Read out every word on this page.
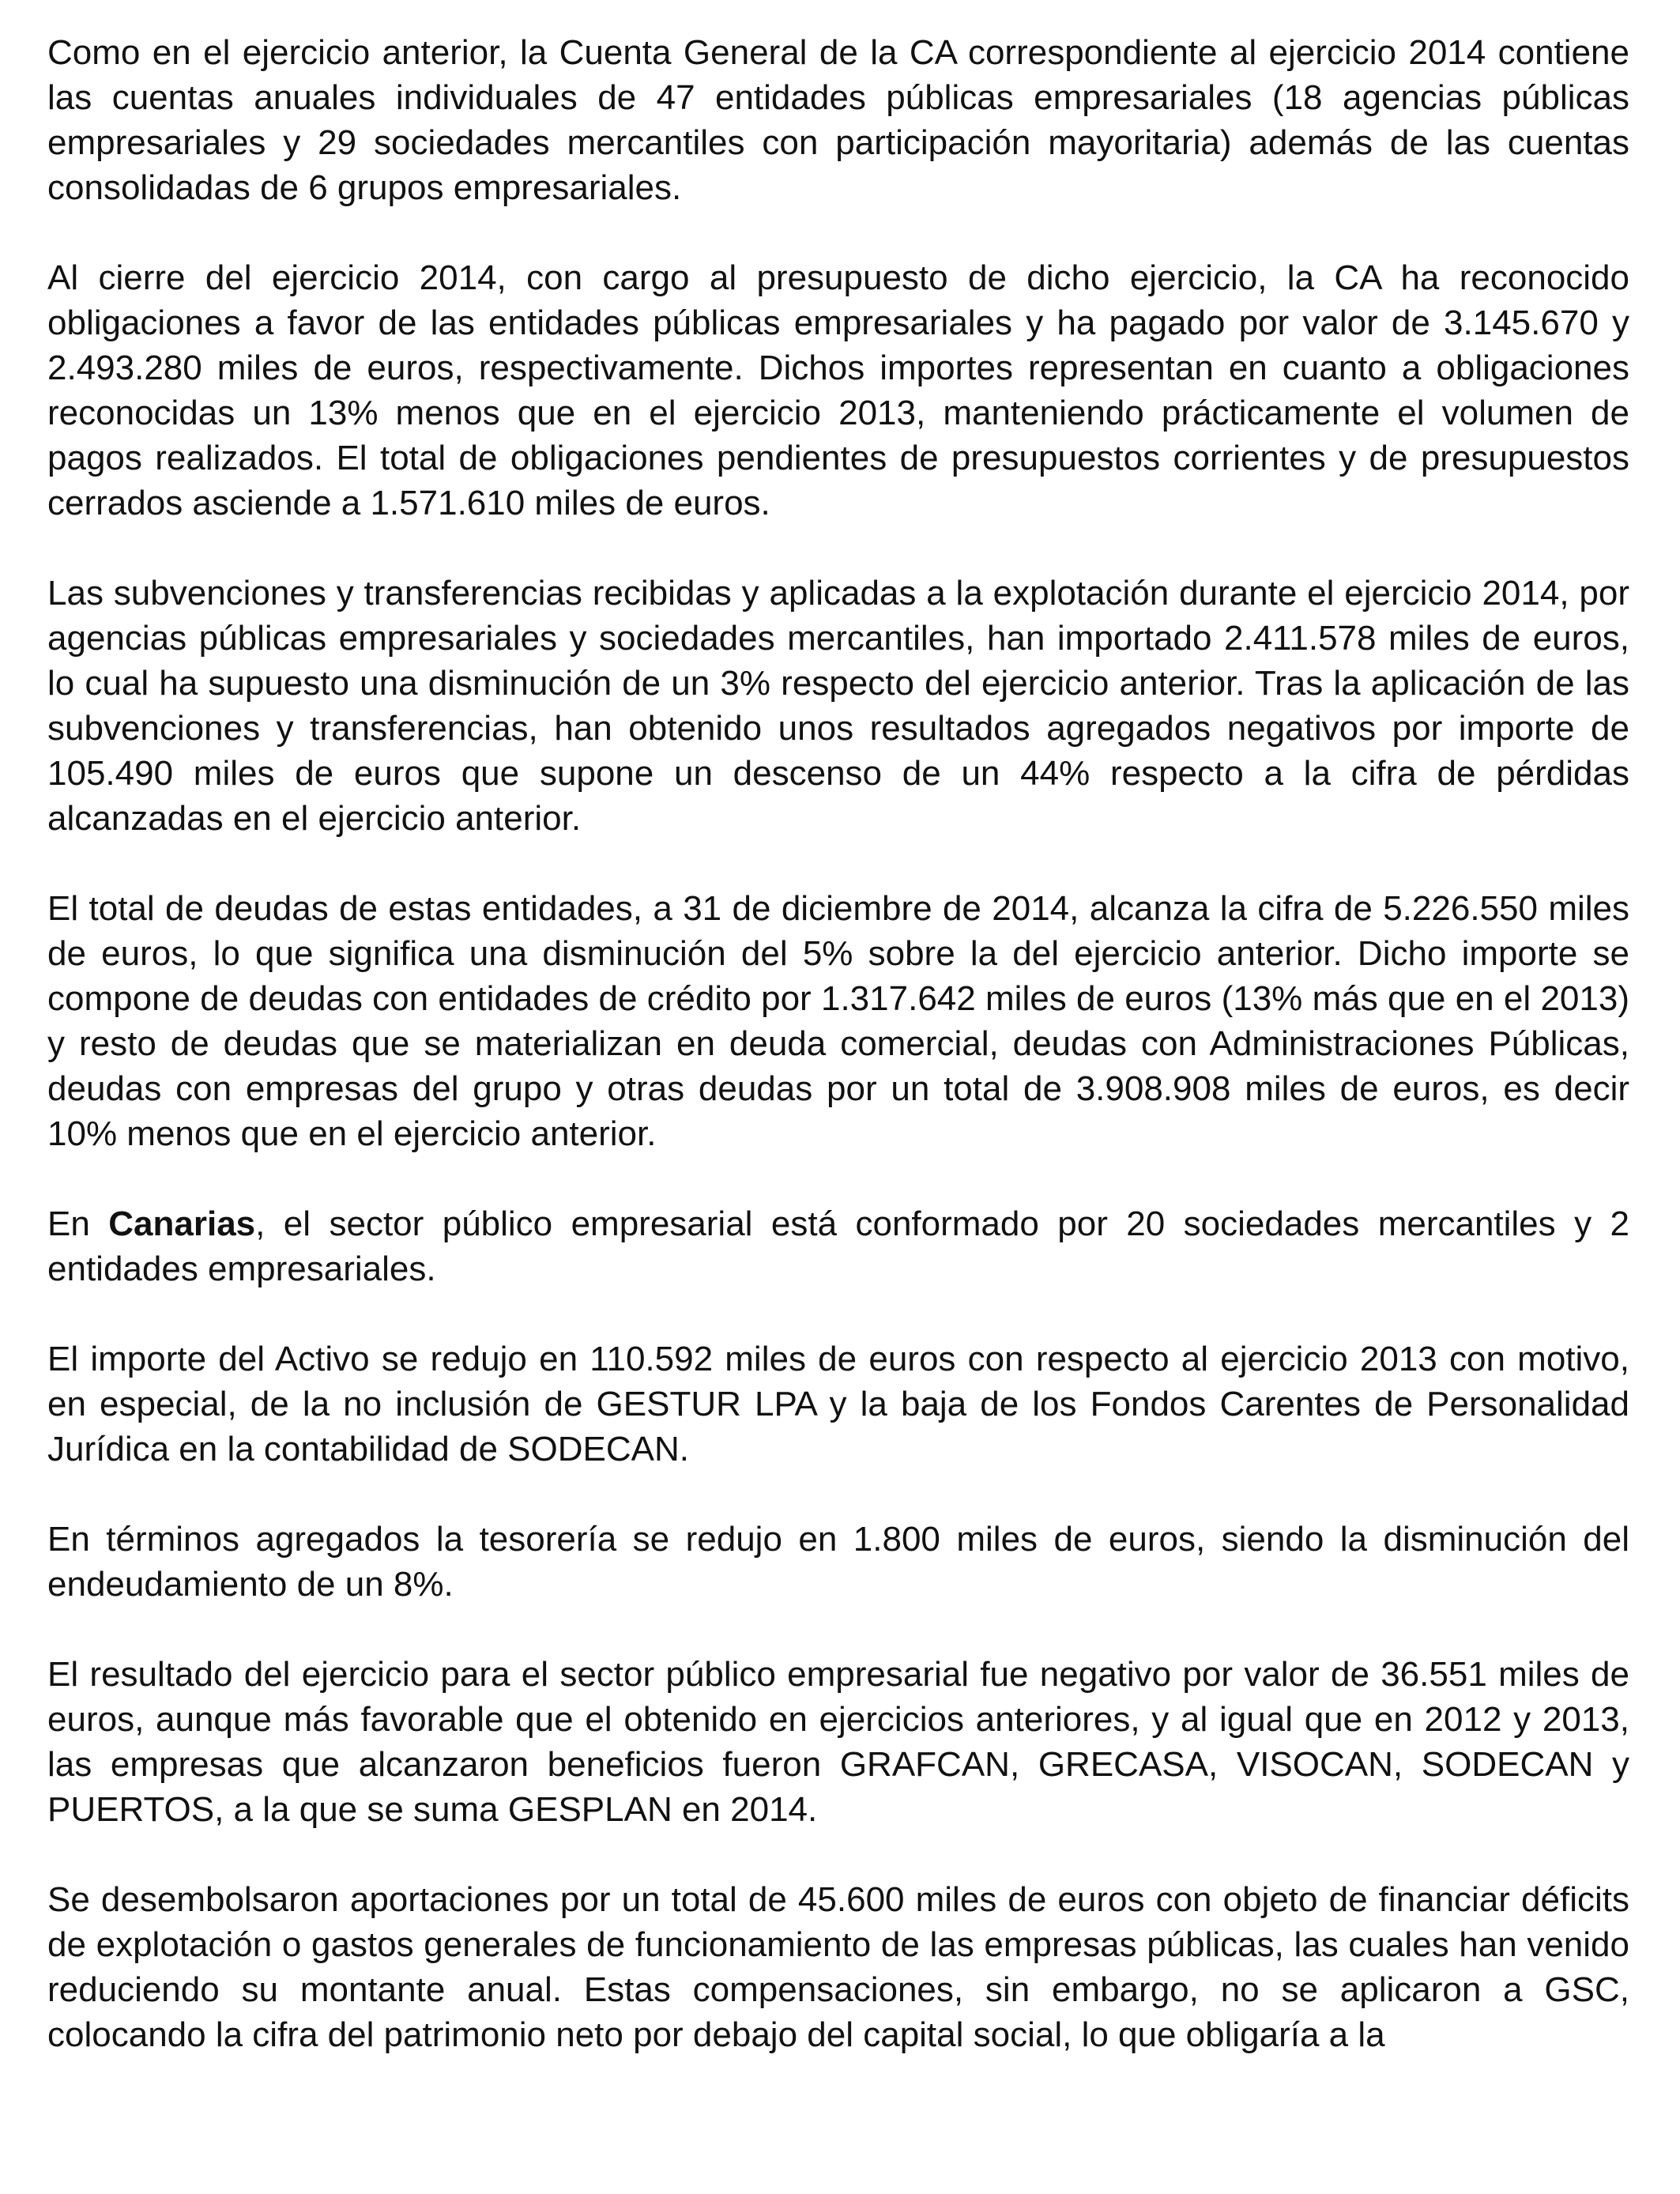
Como en el ejercicio anterior, la Cuenta General de la CA correspondiente al ejercicio 2014 contiene las cuentas anuales individuales de 47 entidades públicas empresariales (18 agencias públicas empresariales y 29 sociedades mercantiles con participación mayoritaria) además de las cuentas consolidadas de 6 grupos empresariales.

Al cierre del ejercicio 2014, con cargo al presupuesto de dicho ejercicio, la CA ha reconocido obligaciones a favor de las entidades públicas empresariales y ha pagado por valor de 3.145.670 y 2.493.280 miles de euros, respectivamente. Dichos importes representan en cuanto a obligaciones reconocidas un 13% menos que en el ejercicio 2013, manteniendo prácticamente el volumen de pagos realizados. El total de obligaciones pendientes de presupuestos corrientes y de presupuestos cerrados asciende a 1.571.610 miles de euros.

Las subvenciones y transferencias recibidas y aplicadas a la explotación durante el ejercicio 2014, por agencias públicas empresariales y sociedades mercantiles, han importado 2.411.578 miles de euros, lo cual ha supuesto una disminución de un 3% respecto del ejercicio anterior. Tras la aplicación de las subvenciones y transferencias, han obtenido unos resultados agregados negativos por importe de 105.490 miles de euros que supone un descenso de un 44% respecto a la cifra de pérdidas alcanzadas en el ejercicio anterior.

El total de deudas de estas entidades, a 31 de diciembre de 2014, alcanza la cifra de 5.226.550 miles de euros, lo que significa una disminución del 5% sobre la del ejercicio anterior. Dicho importe se compone de deudas con entidades de crédito por 1.317.642 miles de euros (13% más que en el 2013) y resto de deudas que se materializan en deuda comercial, deudas con Administraciones Públicas, deudas con empresas del grupo y otras deudas por un total de 3.908.908 miles de euros, es decir 10% menos que en el ejercicio anterior.

En Canarias, el sector público empresarial está conformado por 20 sociedades mercantiles y 2 entidades empresariales.

El importe del Activo se redujo en 110.592 miles de euros con respecto al ejercicio 2013 con motivo, en especial, de la no inclusión de GESTUR LPA y la baja de los Fondos Carentes de Personalidad Jurídica en la contabilidad de SODECAN.

En términos agregados la tesorería se redujo en 1.800 miles de euros, siendo la disminución del endeudamiento de un 8%.

El resultado del ejercicio para el sector público empresarial fue negativo por valor de 36.551 miles de euros, aunque más favorable que el obtenido en ejercicios anteriores, y al igual que en 2012 y 2013, las empresas que alcanzaron beneficios fueron GRAFCAN, GRECASA, VISOCAN, SODECAN y PUERTOS, a la que se suma GESPLAN en 2014.

Se desembolsaron aportaciones por un total de 45.600 miles de euros con objeto de financiar déficits de explotación o gastos generales de funcionamiento de las empresas públicas, las cuales han venido reduciendo su montante anual. Estas compensaciones, sin embargo, no se aplicaron a GSC, colocando la cifra del patrimonio neto por debajo del capital social, lo que obligaría a la
